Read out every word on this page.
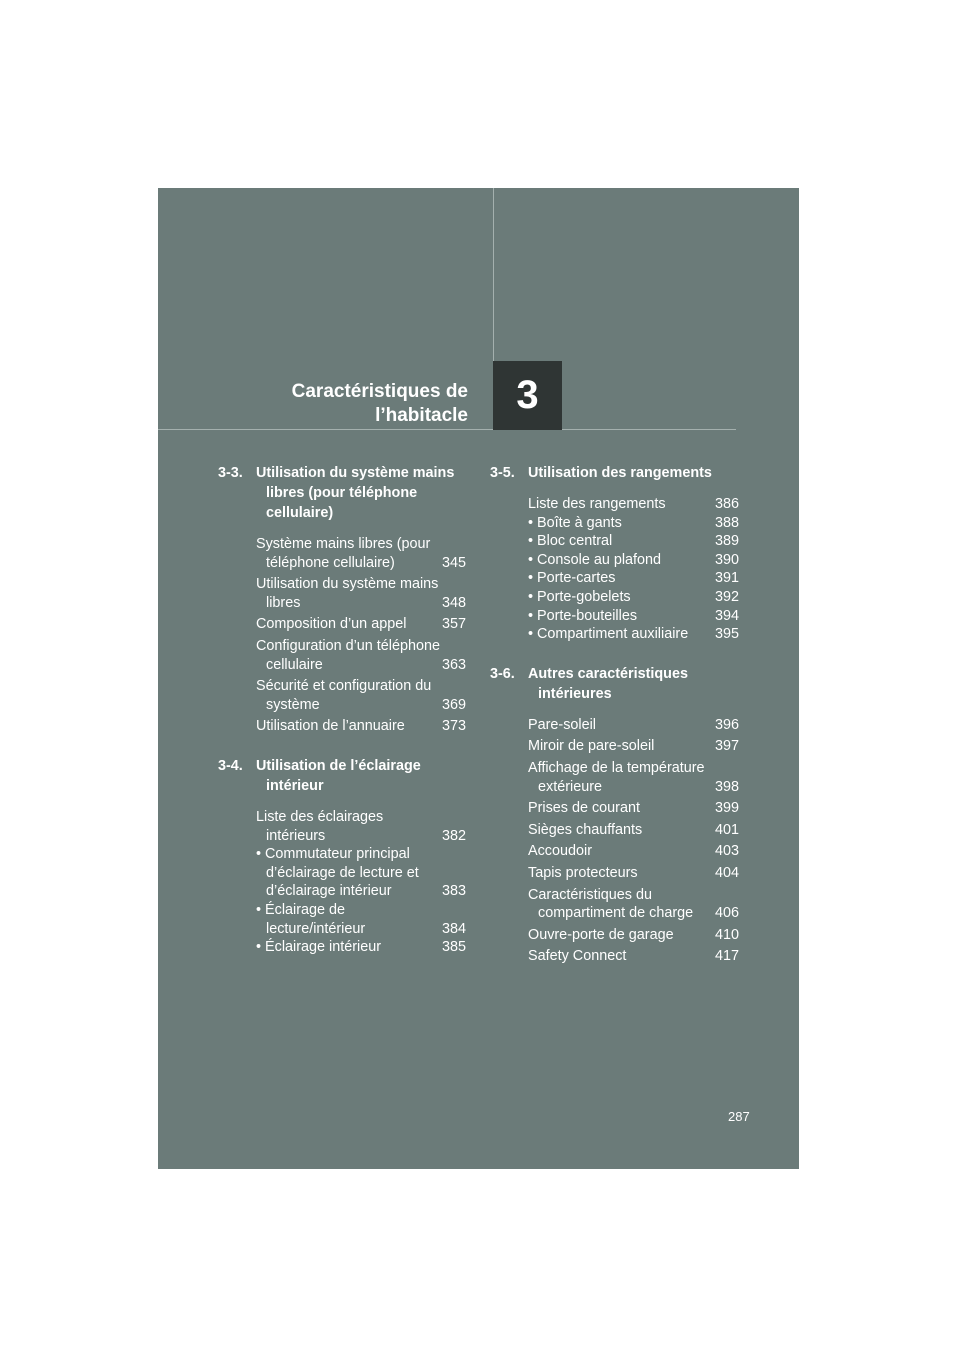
Caractéristiques de
l’habitacle	3
3-3. Utilisation du système mains libres (pour téléphone cellulaire)
Système mains libres (pour téléphone cellulaire)	345
Utilisation du système mains libres	348
Composition d’un appel	357
Configuration d’un téléphone cellulaire	363
Sécurité et configuration du système	369
Utilisation de l’annuaire	373
3-4. Utilisation de l’éclairage intérieur
Liste des éclairages intérieurs	382
• Commutateur principal d’éclairage de lecture et d’éclairage intérieur	383
• Éclairage de lecture/intérieur	384
• Éclairage intérieur	385
3-5. Utilisation des rangements
Liste des rangements	386
• Boîte à gants	388
• Bloc central	389
• Console au plafond	390
• Porte-cartes	391
• Porte-gobelets	392
• Porte-bouteilles	394
• Compartiment auxiliaire	395
3-6. Autres caractéristiques intérieures
Pare-soleil	396
Miroir de pare-soleil	397
Affichage de la température extérieure	398
Prises de courant	399
Sièges chauffants	401
Accoudoir	403
Tapis protecteurs	404
Caractéristiques du compartiment de charge	406
Ouvre-porte de garage	410
Safety Connect	417
287
